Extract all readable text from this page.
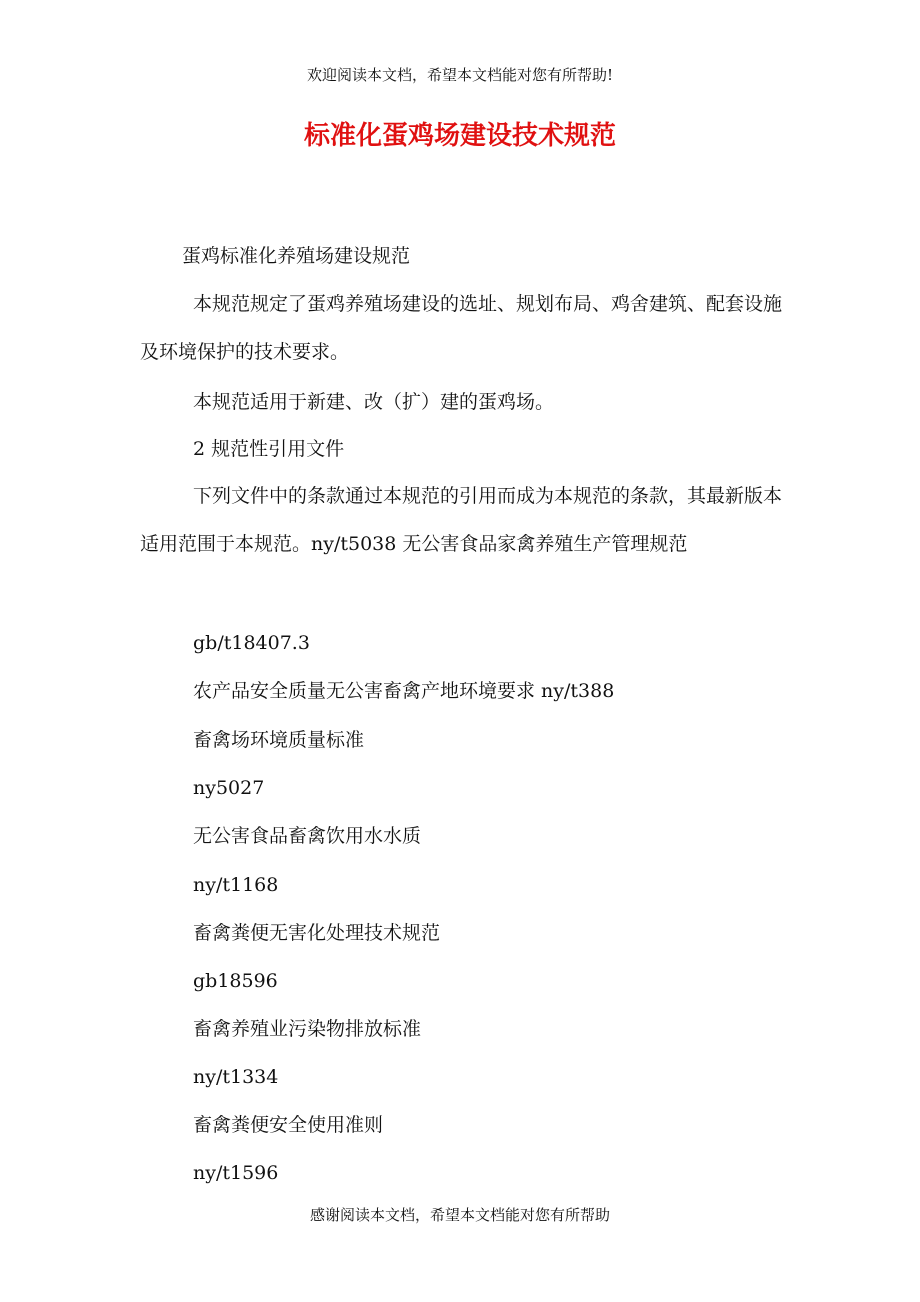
欢迎阅读本文档，希望本文档能对您有所帮助!
标准化蛋鸡场建设技术规范

蛋鸡标准化养殖场建设规范

本规范规定了蛋鸡养殖场建设的选址、规划布局、鸡舍建筑、配套设施及环境保护的技术要求。

本规范适用于新建、改（扩）建的蛋鸡场。

2 规范性引用文件

下列文件中的条款通过本规范的引用而成为本规范的条款，其最新版本适用范围于本规范。ny/t5038 无公害食品家禽养殖生产管理规范

gb/t18407.3

农产品安全质量无公害畜禽产地环境要求 ny/t388

畜禽场环境质量标准

ny5027

无公害食品畜禽饮用水水质

ny/t1168

畜禽粪便无害化处理技术规范

gb18596

畜禽养殖业污染物排放标准

ny/t1334

畜禽粪便安全使用准则

ny/t1596

感谢阅读本文档，希望本文档能对您有所帮助
